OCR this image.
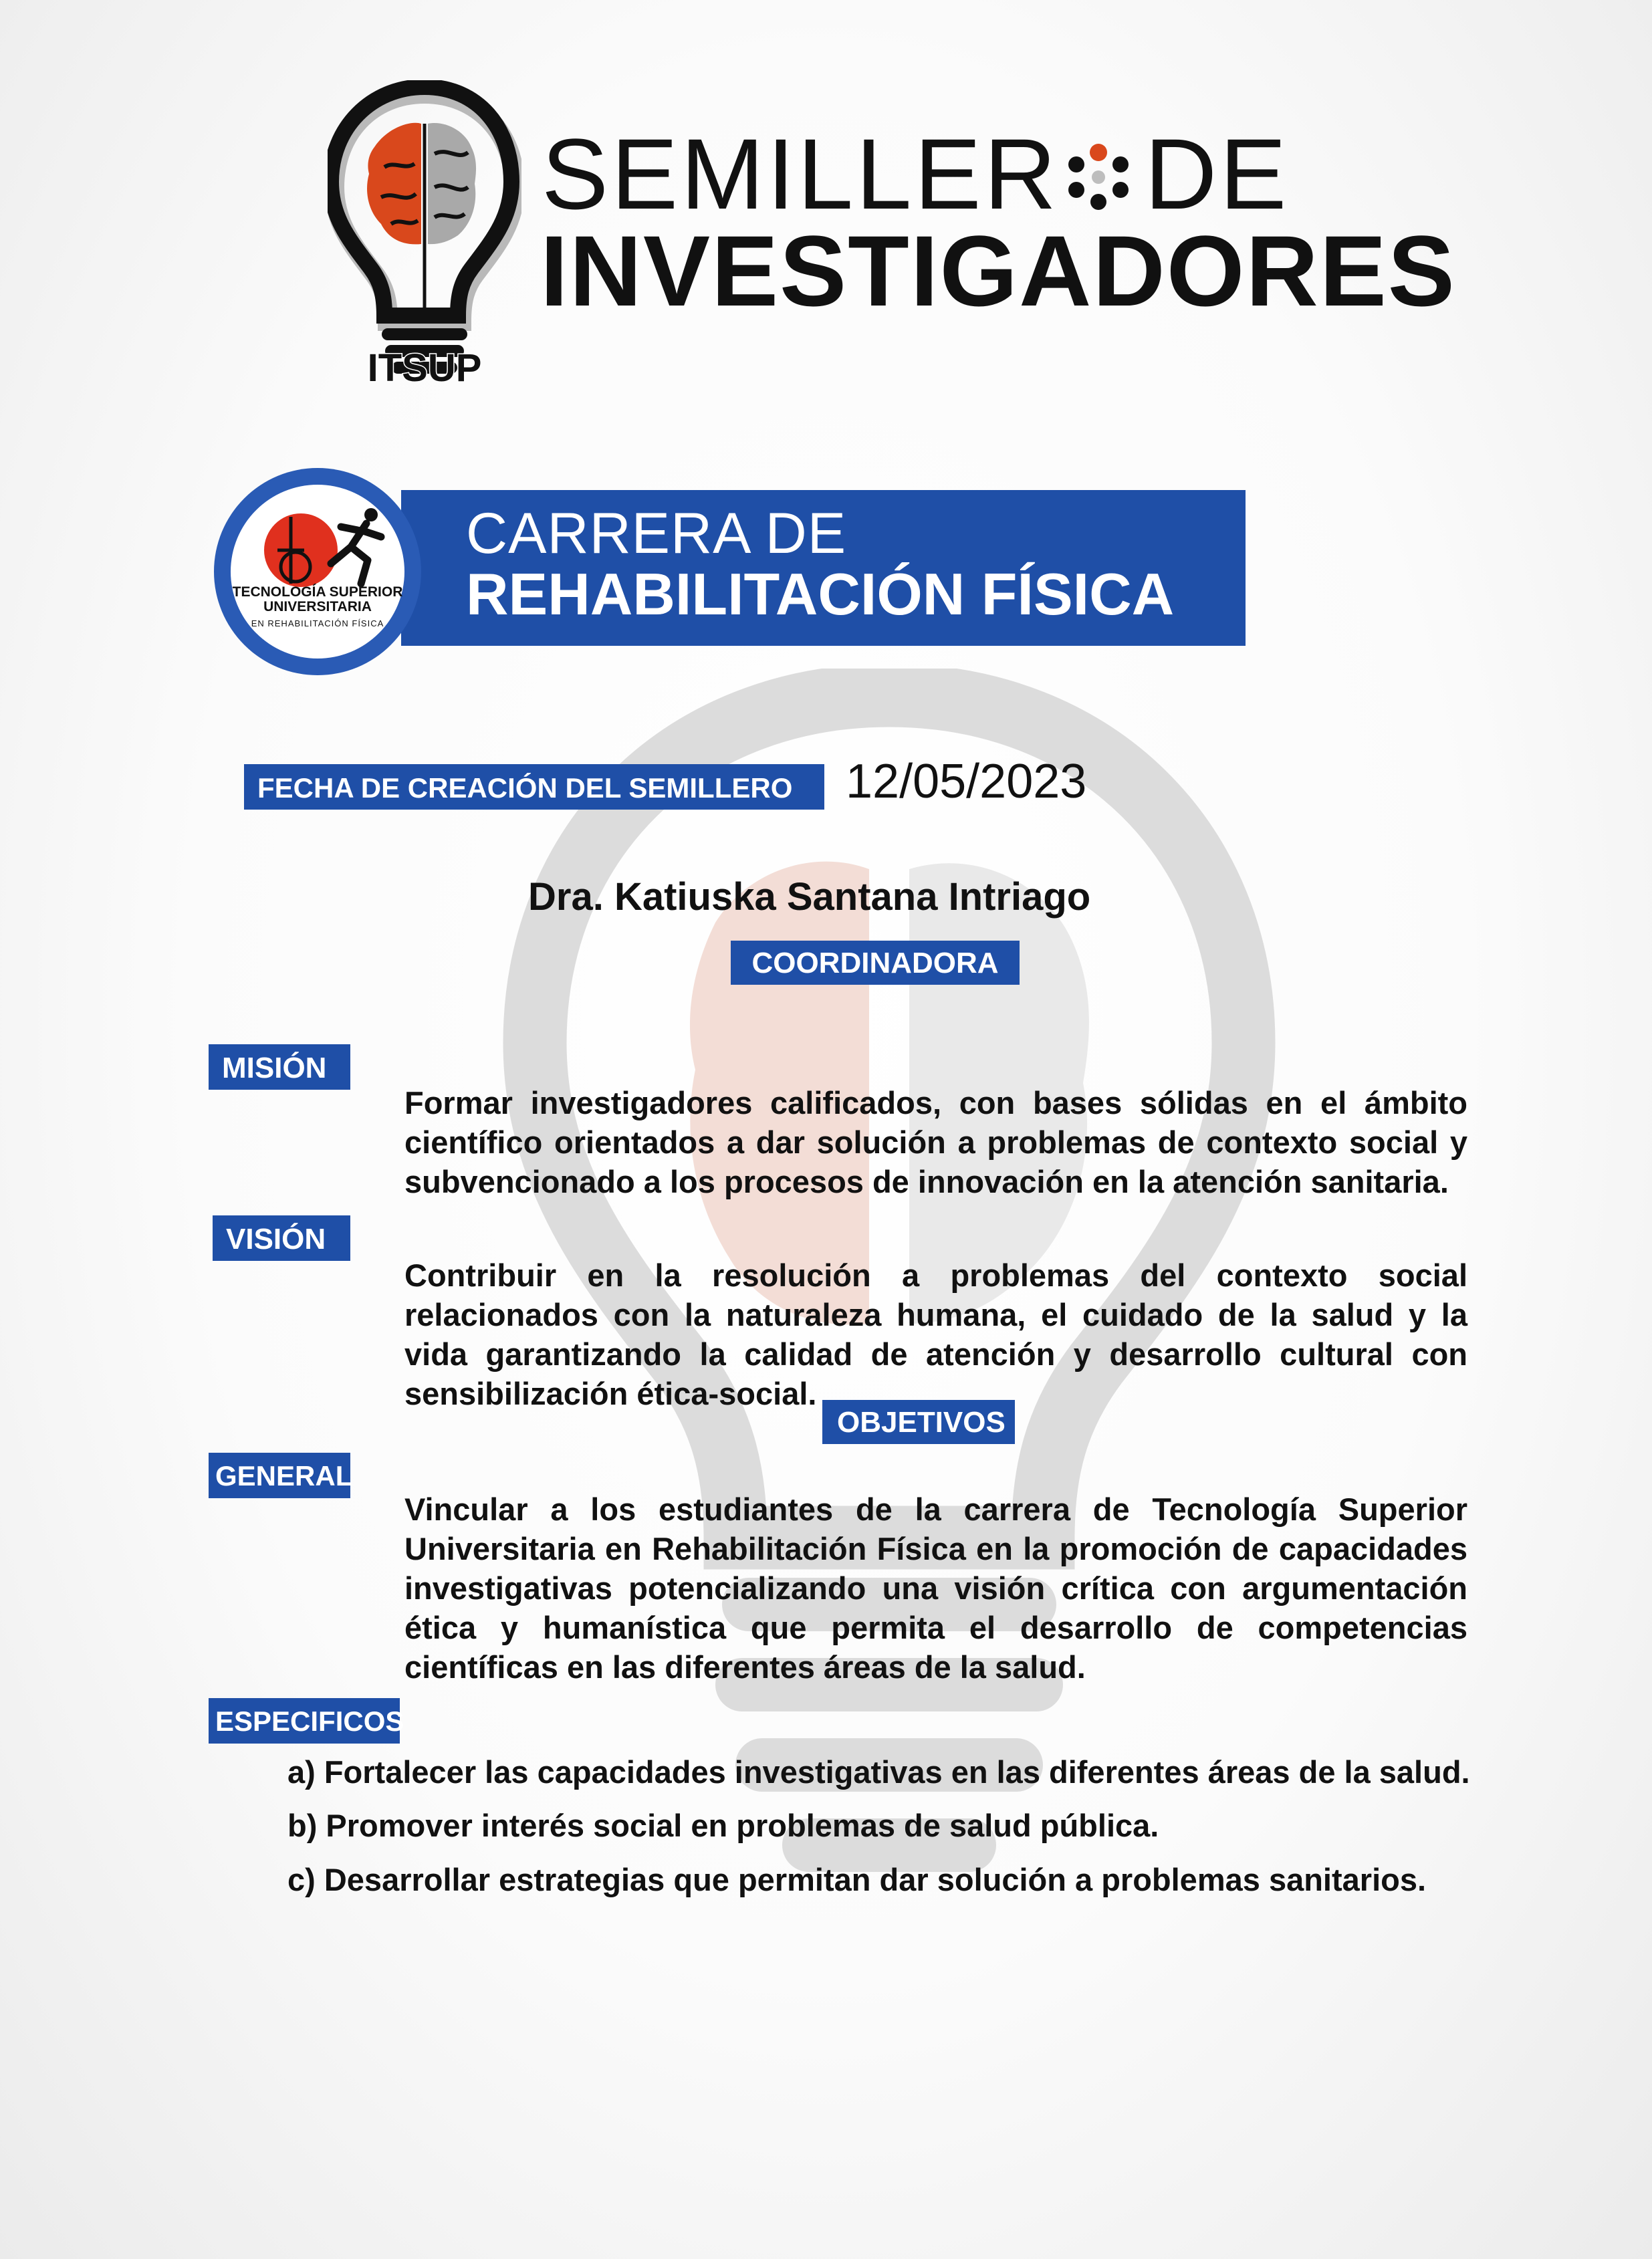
ITSUP
SEMILLER DE
INVESTIGADORES
CARRERA DE
REHABILITACIÓN FÍSICA
TECNOLOGÍA SUPERIOR UNIVERSITARIA
EN REHABILITACIÓN FÍSICA
FECHA DE CREACIÓN DEL SEMILLERO	12/05/2023
Dra. Katiuska Santana Intriago
COORDINADORA
MISIÓN
Formar investigadores calificados, con bases sólidas en el ámbito científico orientados a dar solución a problemas de contexto social y subvencionado a los procesos de innovación en la atención sanitaria.
VISIÓN
Contribuir en la resolución a problemas del contexto social relacionados con la naturaleza humana, el cuidado de la salud y la vida garantizando la calidad de atención y desarrollo cultural con sensibilización ética-social.
OBJETIVOS
GENERAL
Vincular a los estudiantes de la carrera de Tecnología Superior Universitaria en Rehabilitación Física en la promoción de capacidades investigativas potencializando una visión crítica con argumentación ética y humanística que permita el desarrollo de competencias científicas en las diferentes áreas de la salud.
ESPECIFICOS
a) Fortalecer las capacidades investigativas en las diferentes áreas de la salud.
b) Promover interés social en problemas de salud pública.
c) Desarrollar estrategias que permitan dar solución a problemas sanitarios.
